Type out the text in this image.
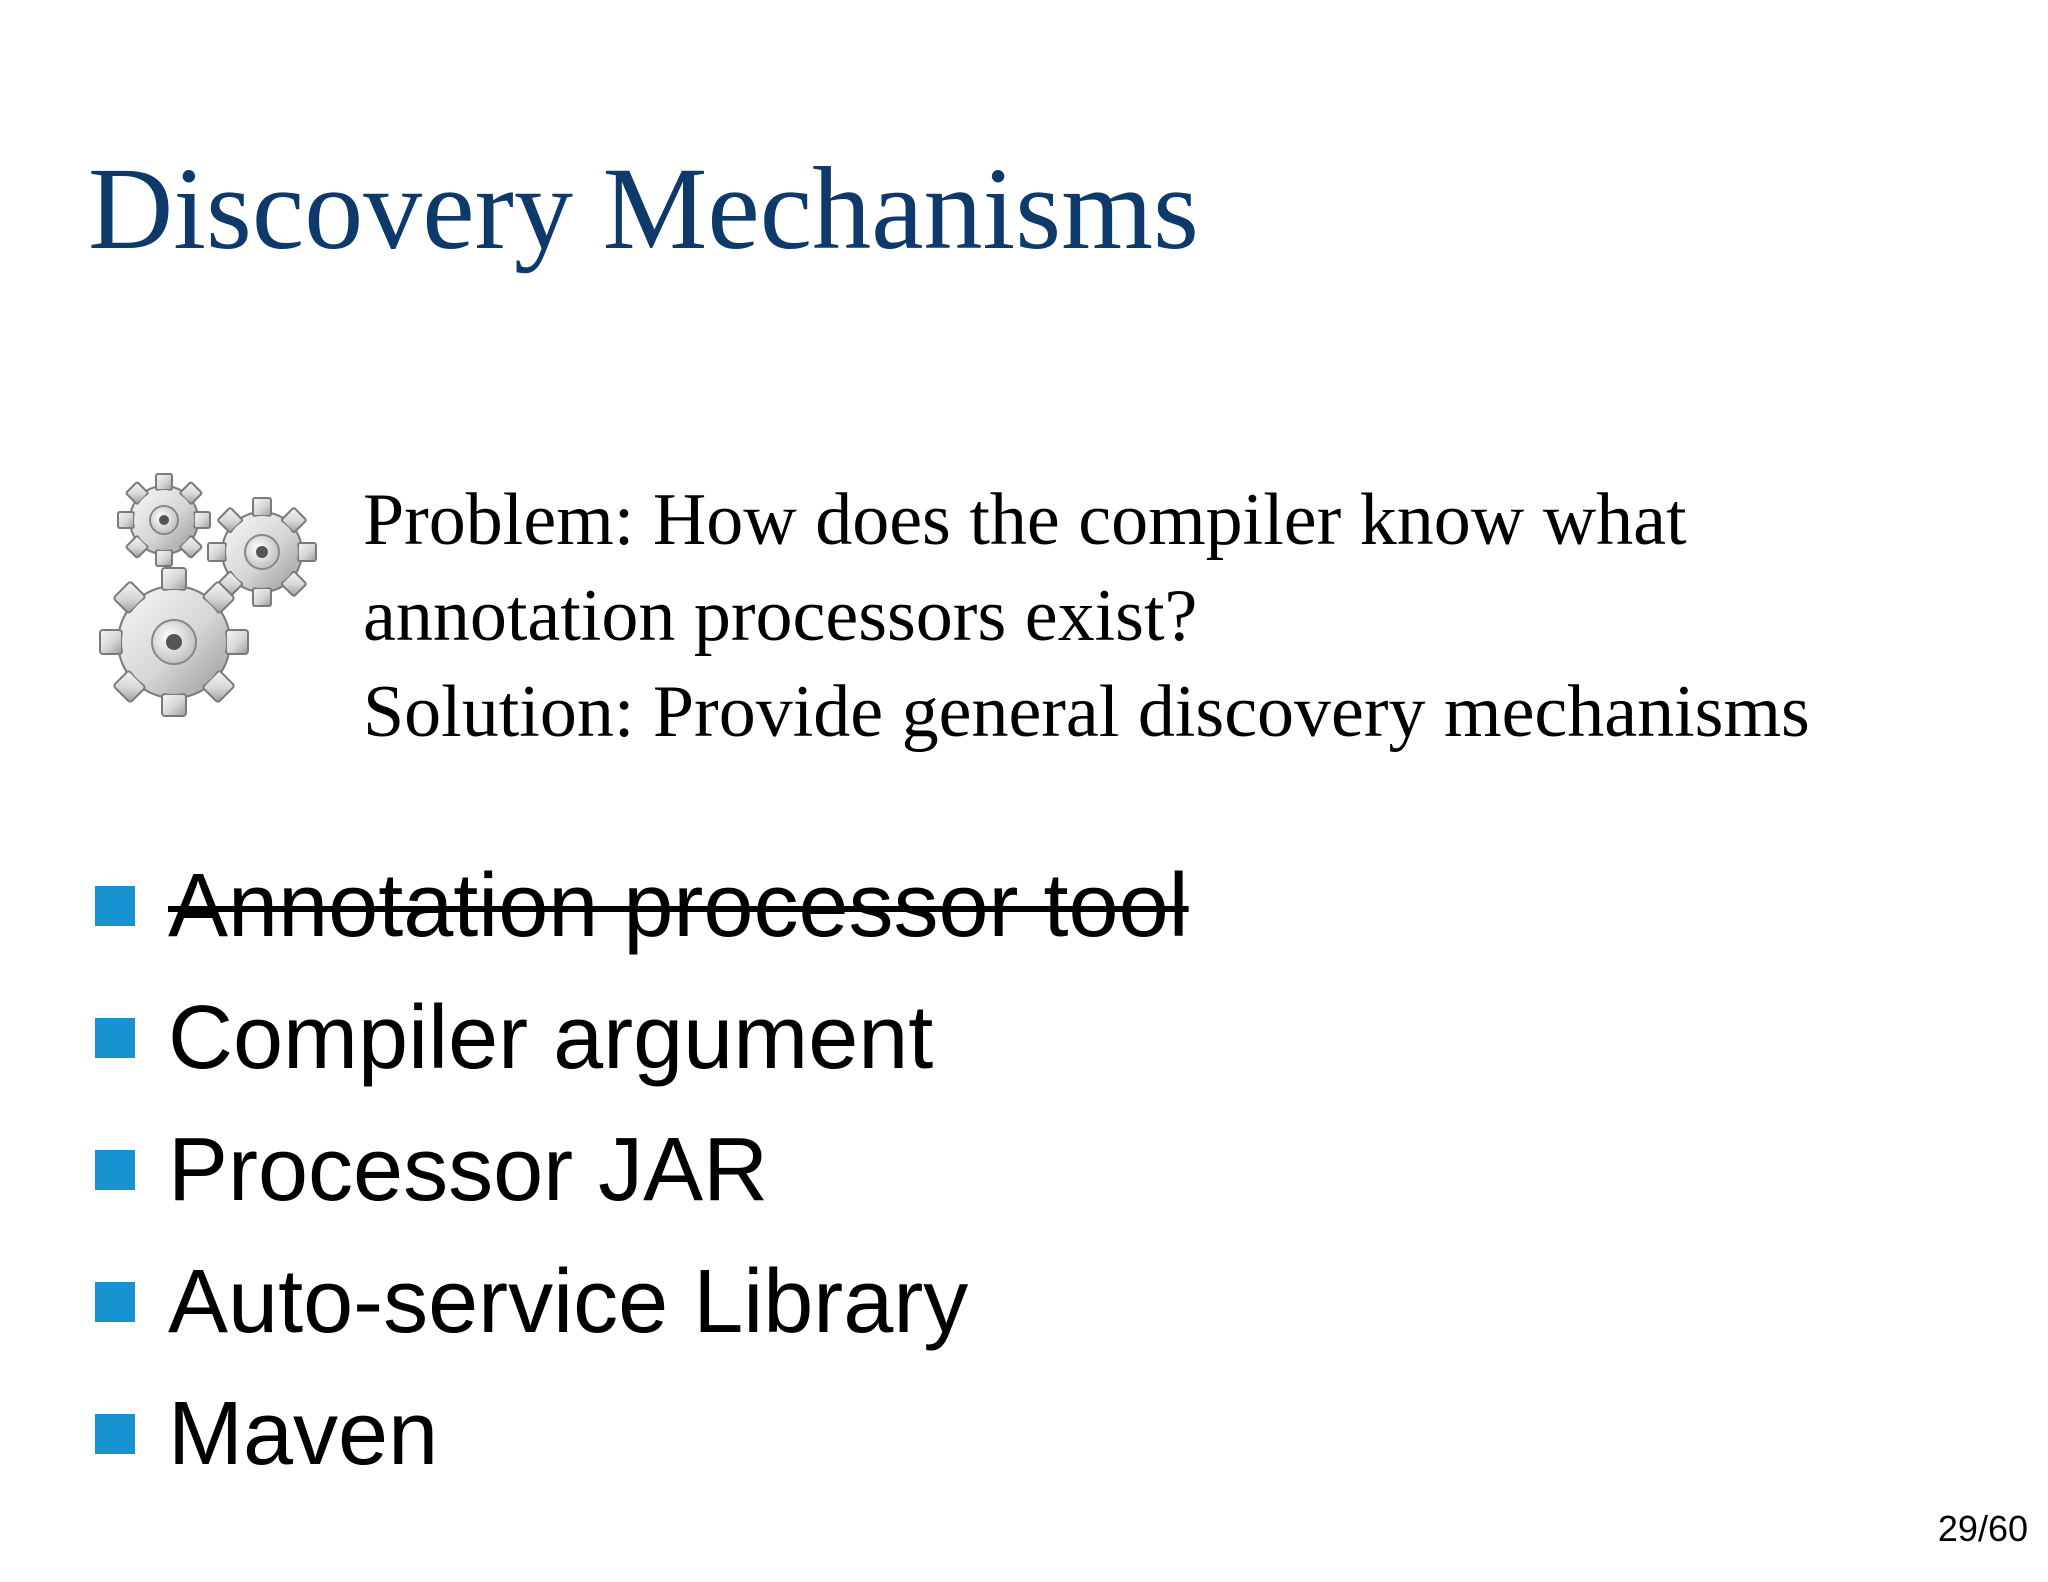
Discovery Mechanisms
Problem: How does the compiler know what
annotation processors exist?
Solution: Provide general discovery mechanisms
Annotation processor tool
Compiler argument
Processor JAR
Auto-service Library
Maven
29/60
